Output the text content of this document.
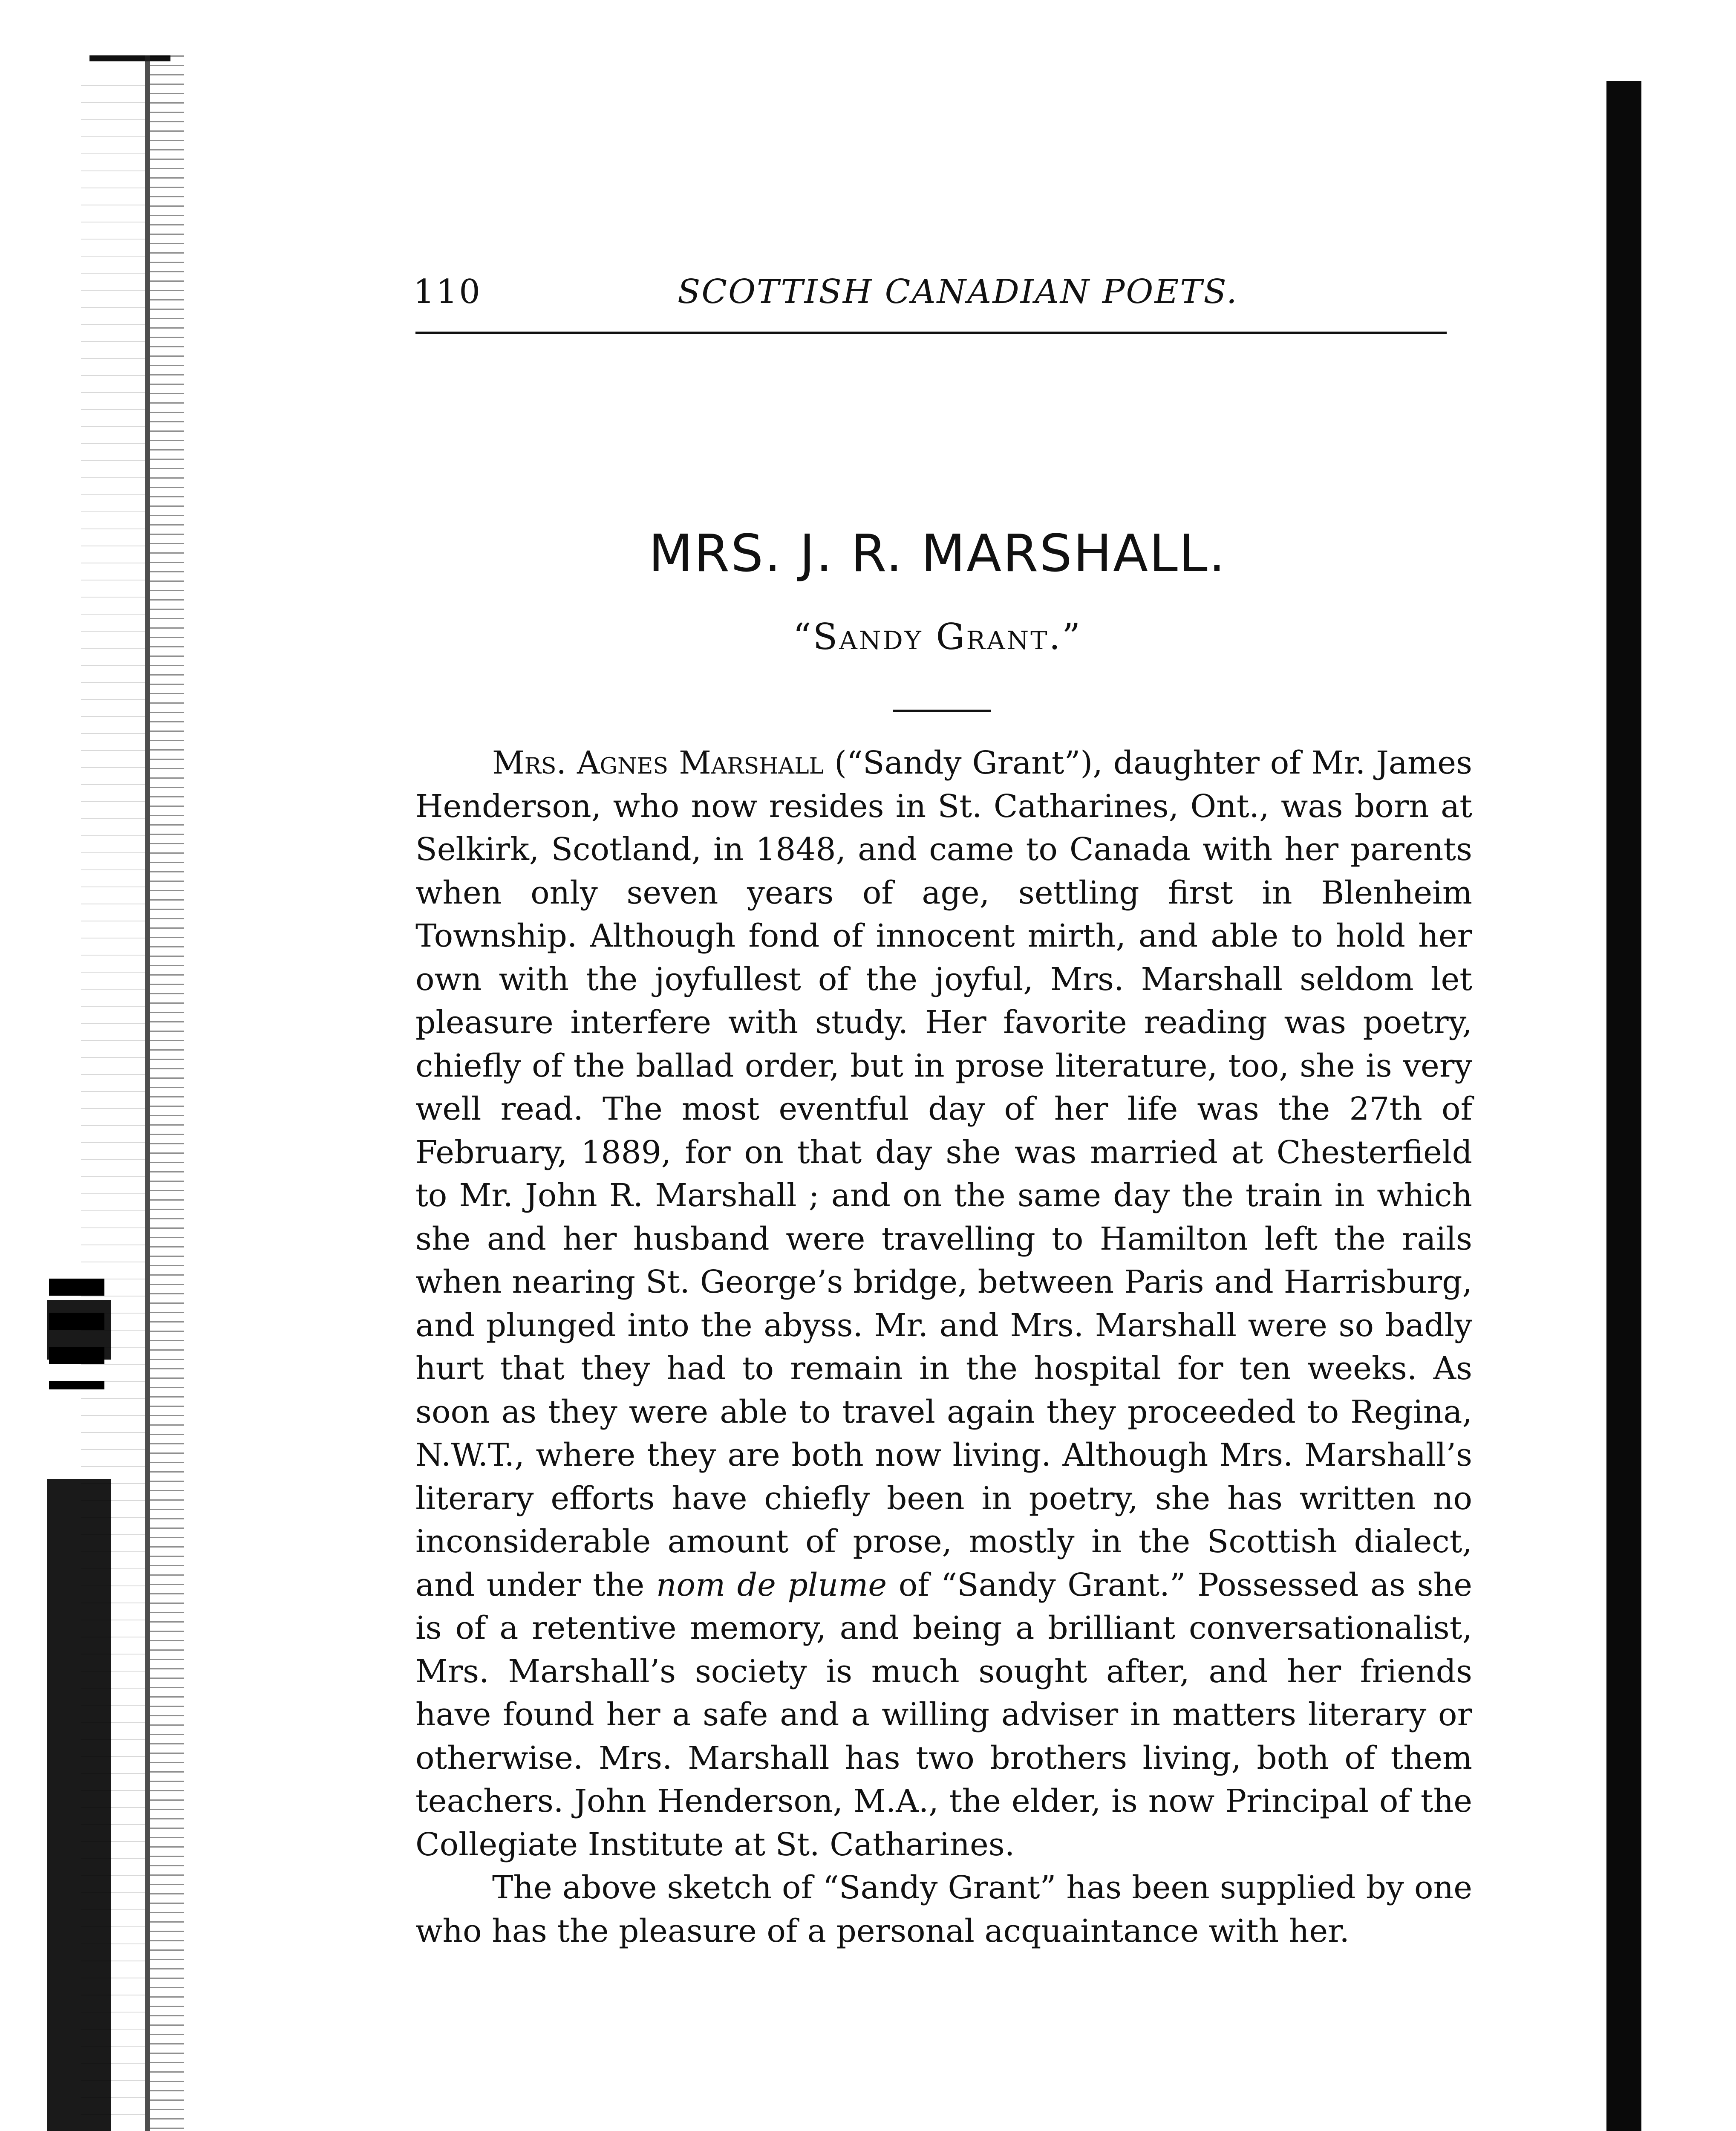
110	SCOTTISH CANADIAN POETS.
MRS. J. R. MARSHALL.
“Sandy Grant.”

Mrs. Agnes Marshall (“Sandy Grant”), daughter of Mr. James Henderson, who now resides in St. Catharines, Ont., was born at Selkirk, Scotland, in 1848, and came to Canada with her parents when only seven years of age, settling first in Blenheim Township. Although fond of innocent mirth, and able to hold her own with the joyfullest of the joyful, Mrs. Marshall seldom let pleasure interfere with study. Her favorite reading was poetry, chiefly of the ballad order, but in prose literature, too, she is very well read. The most eventful day of her life was the 27th of February, 1889, for on that day she was married at Chesterfield to Mr. John R. Marshall ; and on the same day the train in which she and her husband were travelling to Hamilton left the rails when nearing St. George’s bridge, between Paris and Harrisburg, and plunged into the abyss. Mr. and Mrs. Marshall were so badly hurt that they had to remain in the hospital for ten weeks. As soon as they were able to travel again they proceeded to Regina, N.W.T., where they are both now living. Although Mrs. Marshall’s literary efforts have chiefly been in poetry, she has written no inconsiderable amount of prose, mostly in the Scottish dialect, and under the nom de plume of “Sandy Grant.” Possessed as she is of a retentive memory, and being a brilliant conversationalist, Mrs. Marshall’s society is much sought after, and her friends have found her a safe and a willing adviser in matters literary or otherwise. Mrs. Marshall has two brothers living, both of them teachers. John Henderson, M.A., the elder, is now Principal of the Collegiate Institute at St. Catharines.

The above sketch of “Sandy Grant” has been supplied by one who has the pleasure of a personal acquaintance with her.
